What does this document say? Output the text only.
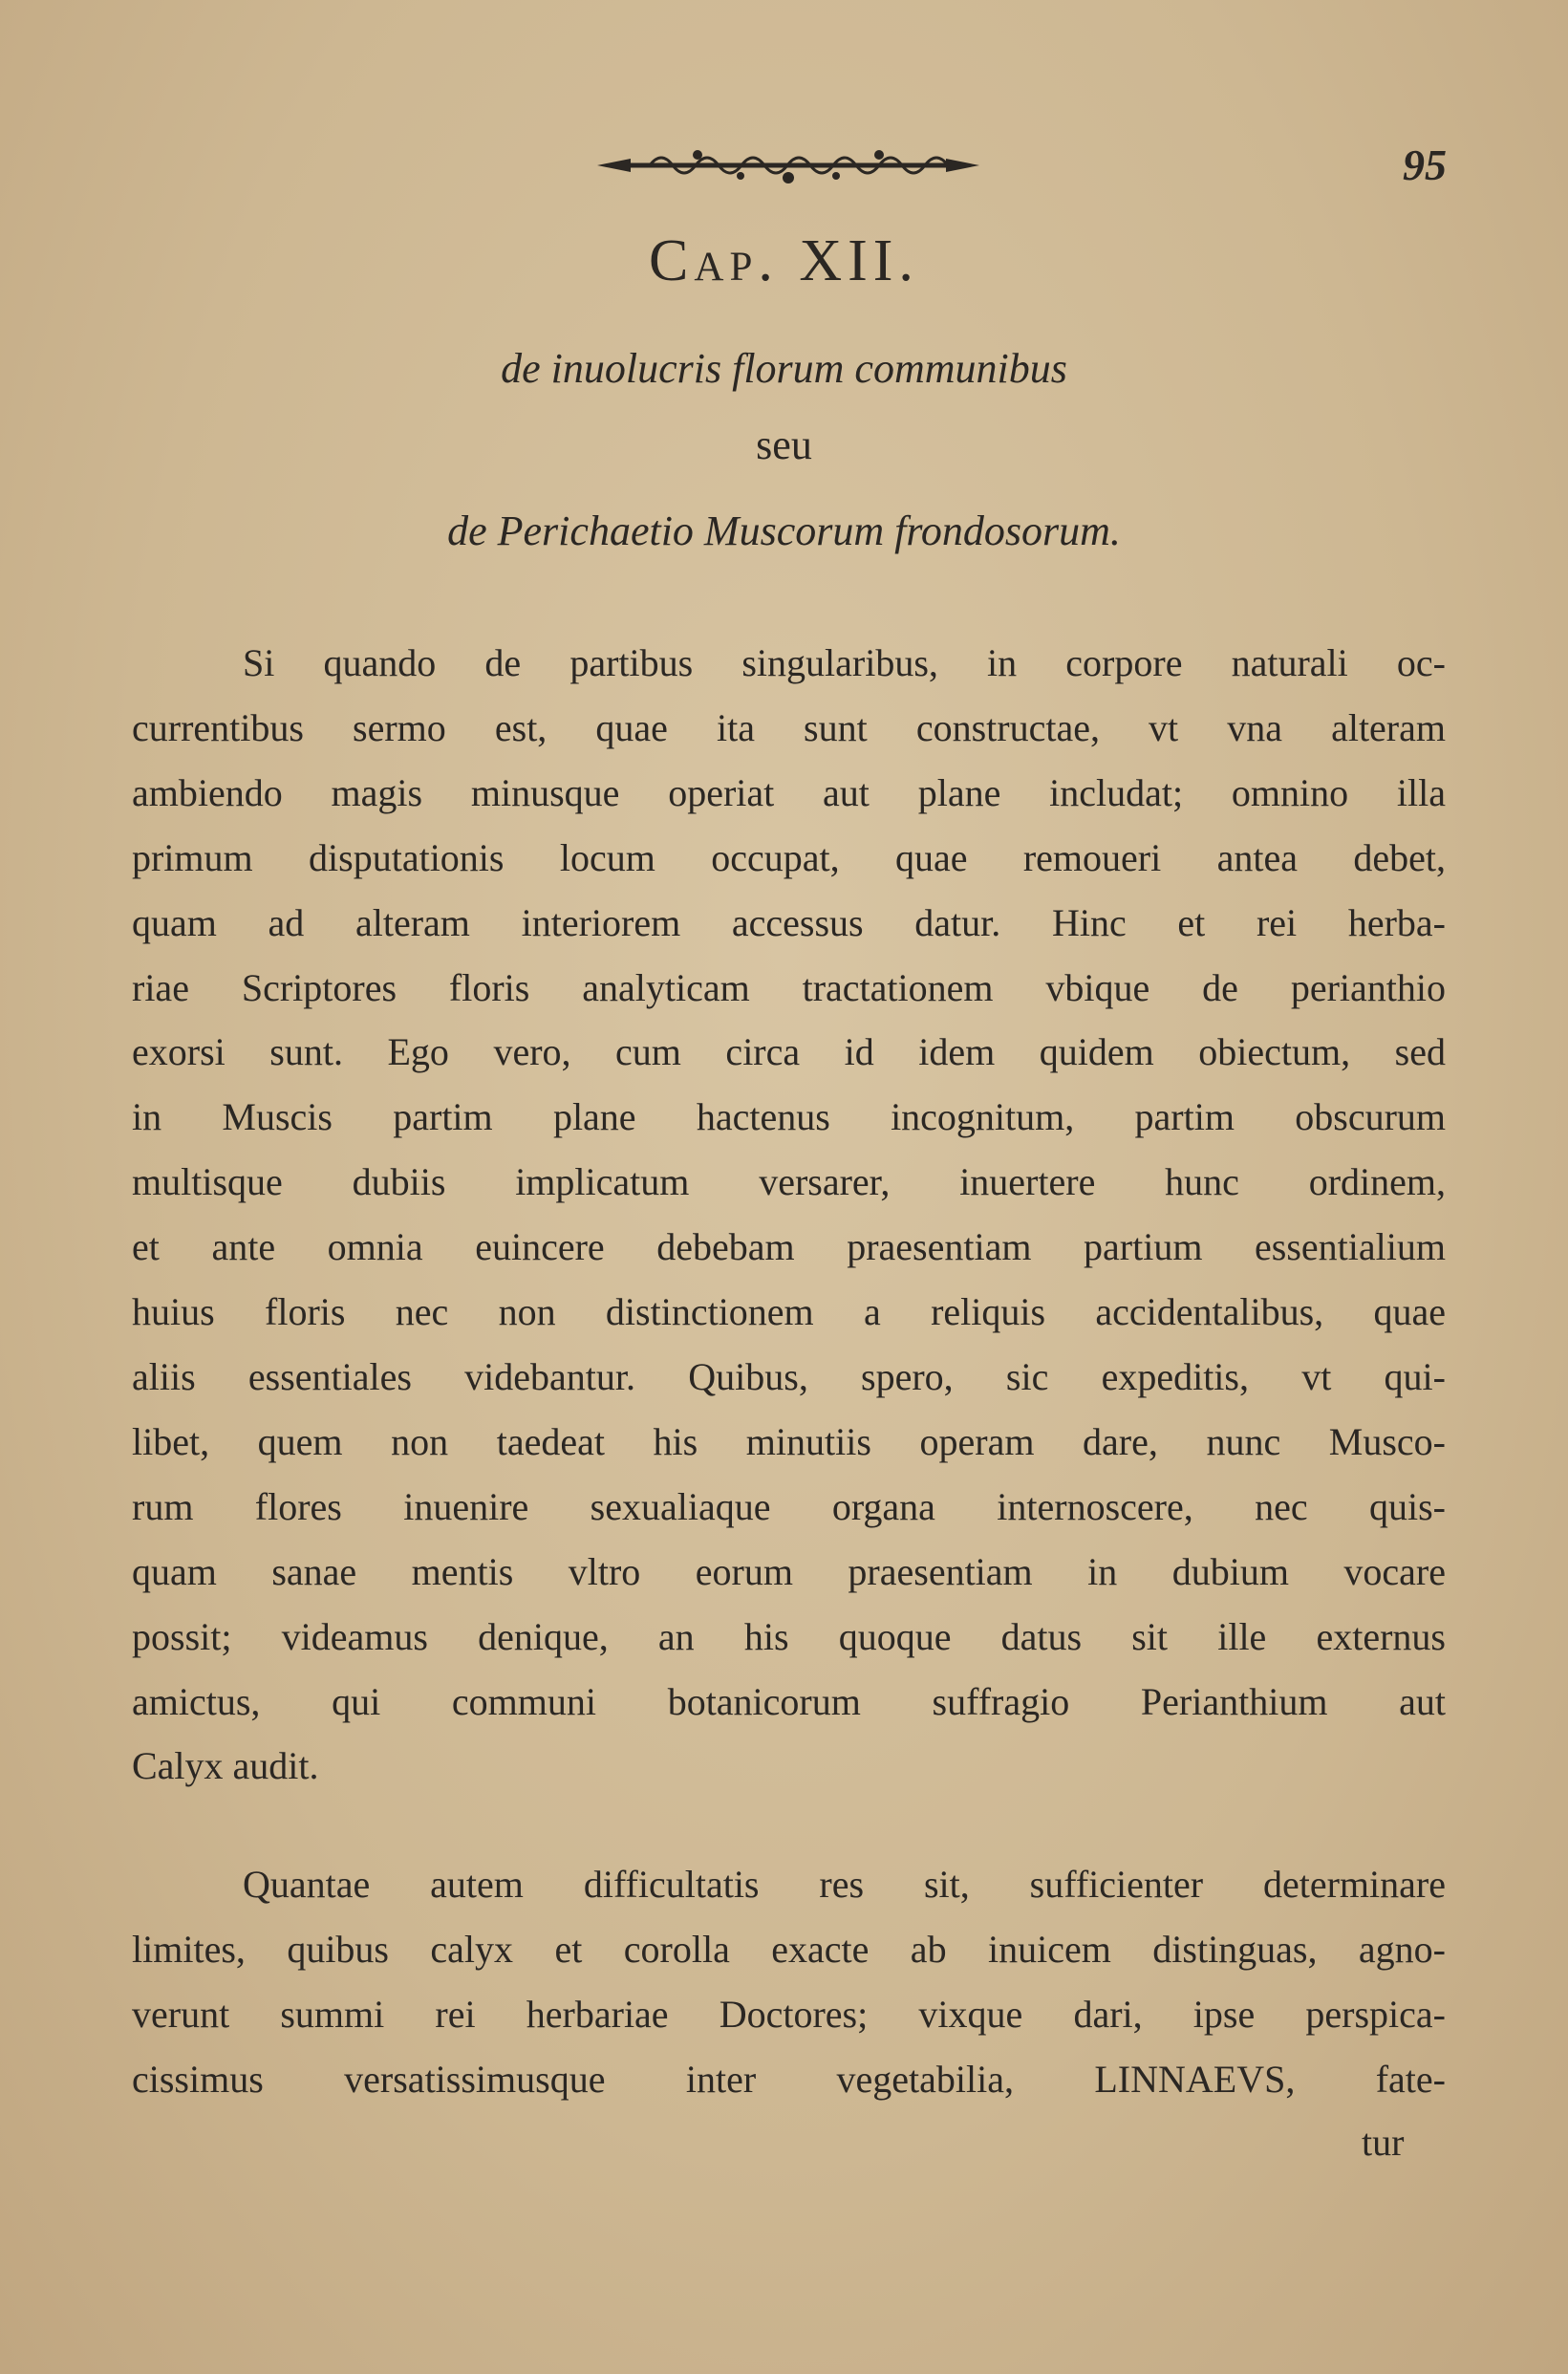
95
Cap. XII.
de inuolucris florum communibus
seu
de Perichaetio Muscorum frondosorum.
Si quando de partibus singularibus, in corpore naturali oc-
currentibus sermo est, quae ita sunt constructae, vt vna alteram
ambiendo magis minusque operiat aut plane includat; omnino illa
primum disputationis locum occupat, quae remoueri antea debet,
quam ad alteram interiorem accessus datur. Hinc et rei herba-
riae Scriptores floris analyticam tractationem vbique de perianthio
exorsi sunt. Ego vero, cum circa id idem quidem obiectum, sed
in Muscis partim plane hactenus incognitum, partim obscurum
multisque dubiis implicatum versarer, inuertere hunc ordinem,
et ante omnia euincere debebam praesentiam partium essentialium
huius floris nec non distinctionem a reliquis accidentalibus, quae
aliis essentiales videbantur. Quibus, spero, sic expeditis, vt qui-
libet, quem non taedeat his minutiis operam dare, nunc Musco-
rum flores inuenire sexualiaque organa internoscere, nec quis-
quam sanae mentis vltro eorum praesentiam in dubium vocare
possit; videamus denique, an his quoque datus sit ille externus
amictus, qui communi botanicorum suffragio Perianthium aut
Calyx audit.
Quantae autem difficultatis res sit, sufficienter determinare
limites, quibus calyx et corolla exacte ab inuicem distinguas, agno-
verunt summi rei herbariae Doctores; vixque dari, ipse perspica-
cissimus versatissimusque inter vegetabilia, LINNAEVS, fate-
tur
